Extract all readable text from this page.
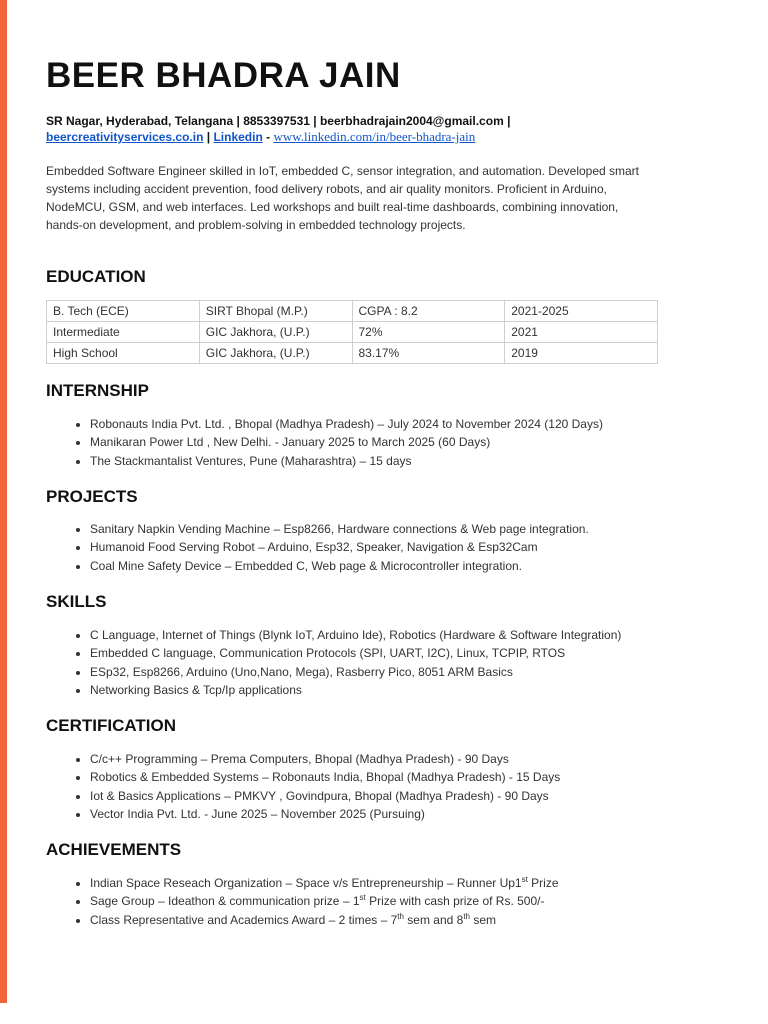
BEER BHADRA JAIN
SR Nagar, Hyderabad, Telangana | 8853397531 | beerbhadrajain2004@gmail.com |
beercreativityservices.co.in | Linkedin - www.linkedin.com/in/beer-bhadra-jain

Embedded Software Engineer skilled in IoT, embedded C, sensor integration, and automation. Developed smart systems including accident prevention, food delivery robots, and air quality monitors. Proficient in Arduino, NodeMCU, GSM, and web interfaces. Led workshops and built real-time dashboards, combining innovation, hands-on development, and problem-solving in embedded technology projects.

EDUCATION
B. Tech (ECE)	SIRT Bhopal (M.P.)	CGPA : 8.2	2021-2025
Intermediate	GIC Jakhora, (U.P.)	72%	2021
High School	GIC Jakhora, (U.P.)	83.17%	2019
INTERNSHIP
• Robonauts India Pvt. Ltd. , Bhopal (Madhya Pradesh) – July 2024 to November 2024 (120 Days)
• Manikaran Power Ltd , New Delhi. - January 2025 to March 2025 (60 Days)
• The Stackmantalist Ventures, Pune (Maharashtra) – 15 days
PROJECTS
• Sanitary Napkin Vending Machine – Esp8266, Hardware connections & Web page integration.
• Humanoid Food Serving Robot – Arduino, Esp32, Speaker, Navigation & Esp32Cam
• Coal Mine Safety Device – Embedded C, Web page & Microcontroller integration.
SKILLS
• C Language, Internet of Things (Blynk IoT, Arduino Ide), Robotics (Hardware & Software Integration)
• Embedded C language, Communication Protocols (SPI, UART, I2C), Linux, TCPIP, RTOS
• ESp32, Esp8266, Arduino (Uno,Nano, Mega), Rasberry Pico, 8051 ARM Basics
• Networking Basics & Tcp/Ip applications
CERTIFICATION
• C/c++ Programming – Prema Computers, Bhopal (Madhya Pradesh) - 90 Days
• Robotics & Embedded Systems – Robonauts India, Bhopal (Madhya Pradesh) - 15 Days
• Iot & Basics Applications – PMKVY , Govindpura, Bhopal (Madhya Pradesh) - 90 Days
• Vector India Pvt. Ltd. - June 2025 – November 2025 (Pursuing)
ACHIEVEMENTS
• Indian Space Reseach Organization – Space v/s Entrepreneurship – Runner Up1st Prize
• Sage Group – Ideathon & communication prize – 1st Prize with cash prize of Rs. 500/-
• Class Representative and Academics Award – 2 times – 7th sem and 8th sem
